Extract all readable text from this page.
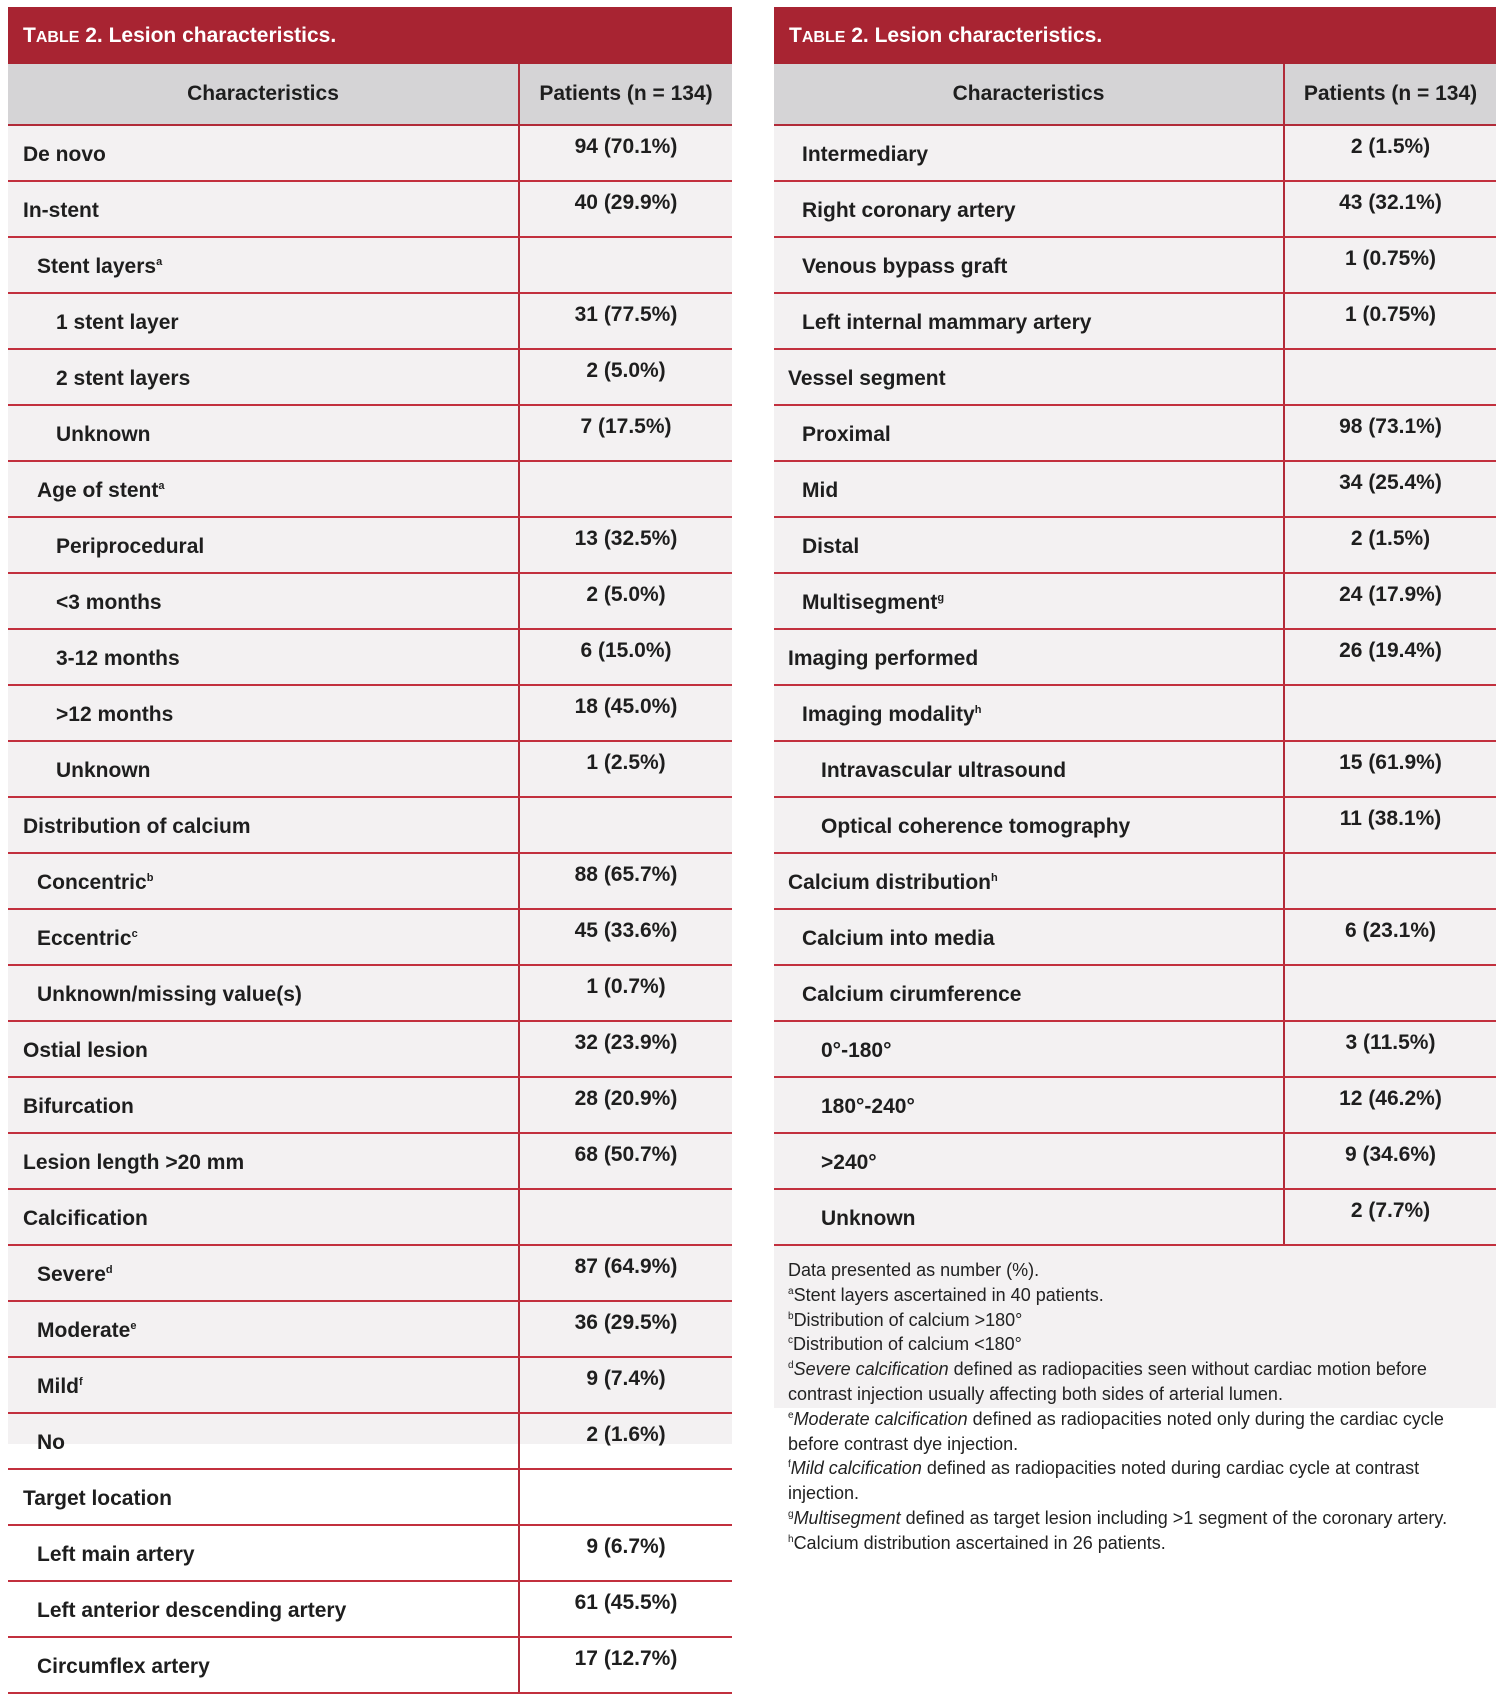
TABLE 2. Lesion characteristics.
Characteristics	Patients (n = 134)
De novo	94 (70.1%)
In-stent	40 (29.9%)
Stent layers$^a$	
1 stent layer	31 (77.5%)
2 stent layers	2 (5.0%)
Unknown	7 (17.5%)
Age of stent$^a$	
Periprocedural	13 (32.5%)
<3 months	2 (5.0%)
3-12 months	6 (15.0%)
>12 months	18 (45.0%)
Unknown	1 (2.5%)
Distribution of calcium	
Concentric$^b$	88 (65.7%)
Eccentric$^c$	45 (33.6%)
Unknown/missing value(s)	1 (0.7%)
Ostial lesion	32 (23.9%)
Bifurcation	28 (20.9%)
Lesion length >20 mm	68 (50.7%)
Calcification	
Severe$^d$	87 (64.9%)
Moderate$^e$	36 (29.5%)
Mild$^f$	9 (7.4%)
No	2 (1.6%)
Target location	
Left main artery	9 (6.7%)
Left anterior descending artery	61 (45.5%)
Circumflex artery	17 (12.7%)
TABLE 2. Lesion characteristics.
Characteristics	Patients (n = 134)
Intermediary	2 (1.5%)
Right coronary artery	43 (32.1%)
Venous bypass graft	1 (0.75%)
Left internal mammary artery	1 (0.75%)
Vessel segment	
Proximal	98 (73.1%)
Mid	34 (25.4%)
Distal	2 (1.5%)
Multisegment$^g$	24 (17.9%)
Imaging performed	26 (19.4%)
Imaging modality$^h$	
Intravascular ultrasound	15 (61.9%)
Optical coherence tomography	11 (38.1%)
Calcium distribution$^h$	
Calcium into media	6 (23.1%)
Calcium cirumference	
0°-180°	3 (11.5%)
180°-240°	12 (46.2%)
>240°	9 (34.6%)
Unknown	2 (7.7%)
Data presented as number (%).
$^a$Stent layers ascertained in 40 patients.
$^b$Distribution of calcium >180°
$^c$Distribution of calcium <180°
$^d$Severe calcification defined as radiopacities seen without cardiac motion before contrast injection usually affecting both sides of arterial lumen.
$^e$Moderate calcification defined as radiopacities noted only during the cardiac cycle before contrast dye injection.
$^f$Mild calcification defined as radiopacities noted during cardiac cycle at contrast injection.
$^g$Multisegment defined as target lesion including >1 segment of the coronary artery.
$^h$Calcium distribution ascertained in 26 patients.
